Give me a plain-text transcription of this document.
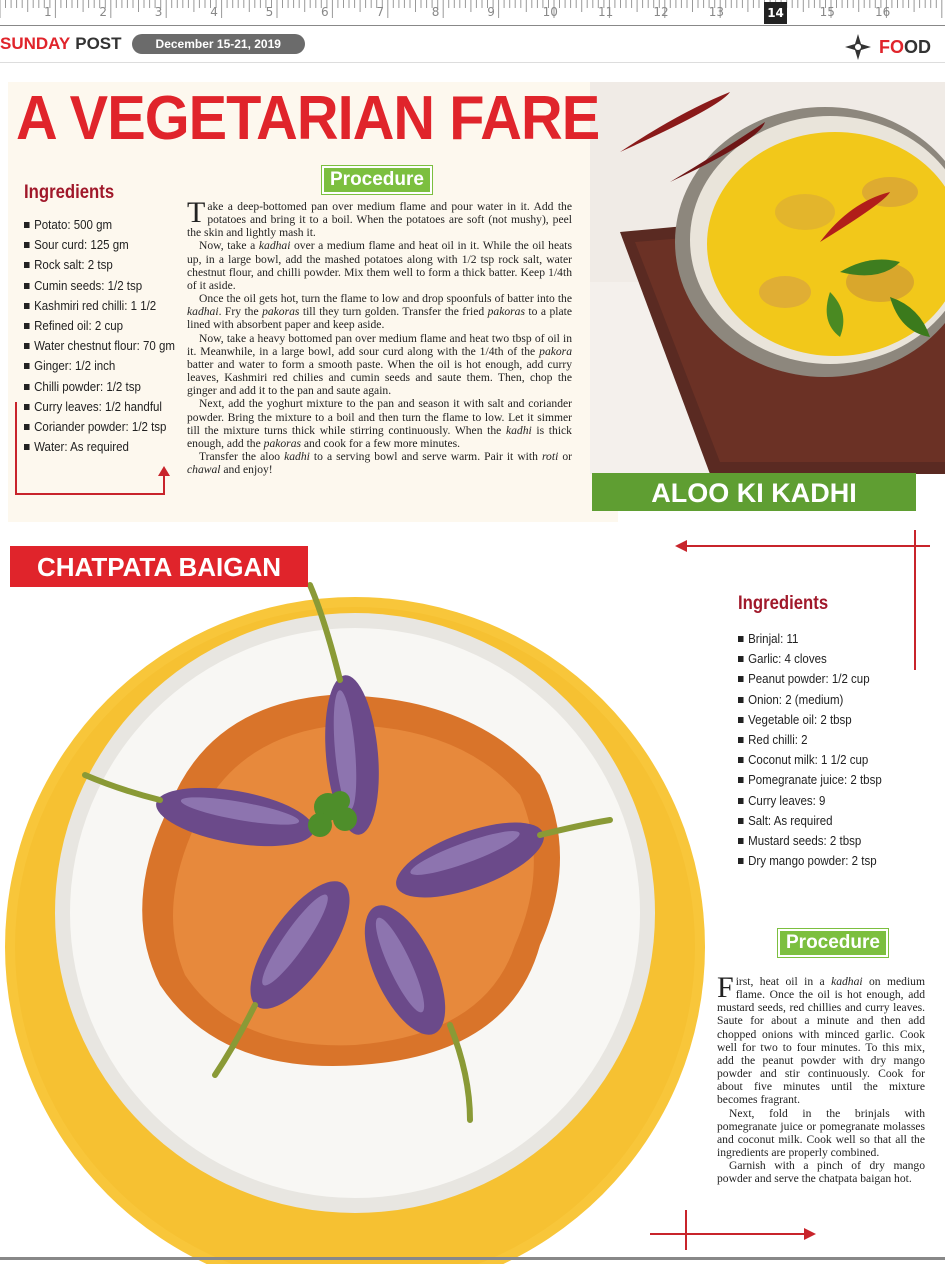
1	2	3	4	5	6	7	8	9	10	11	12	13	14	15	16
SUNDAY POST	December 15-21, 2019	FO OD
A VEGETARIAN FARE
Ingredients
Potato: 500 gm
Sour curd: 125 gm
Rock salt: 2 tsp
Cumin seeds: 1/2 tsp
Kashmiri red chilli: 1 1/2
Refined oil: 2 cup
Water chestnut flour: 70 gm
Ginger: 1/2 inch
Chilli powder: 1/2 tsp
Curry leaves: 1/2 handful
Coriander powder: 1/2 tsp
Water: As required
Procedure

Take a deep-bottomed pan over medium flame and pour water in it. Add the potatoes and bring it to a boil. When the potatoes are soft (not mushy), peel the skin and lightly mash it.

Now, take a kadhai over a medium flame and heat oil in it. While the oil heats up, in a large bowl, add the mashed potatoes along with 1/2 tsp rock salt, water chestnut flour, and chilli powder. Mix them well to form a thick batter. Keep 1/4th of it aside.

Once the oil gets hot, turn the flame to low and drop spoonfuls of batter into the kadhai. Fry the pakoras till they turn golden. Transfer the fried pakoras to a plate lined with absorbent paper and keep aside.

Now, take a heavy bottomed pan over medium flame and heat two tbsp of oil in it. Meanwhile, in a large bowl, add sour curd along with the 1/4th of the pakora batter and water to form a smooth paste. When the oil is hot enough, add curry leaves, Kashmiri red chilies and cumin seeds and saute them. Then, chop the ginger and add it to the pan and saute again.

Next, add the yoghurt mixture to the pan and season it with salt and coriander powder. Bring the mixture to a boil and then turn the flame to low. Let it simmer till the mixture turns thick while stirring continuously. When the kadhi is thick enough, add the pakoras and cook for a few more minutes.

Transfer the aloo kadhi to a serving bowl and serve warm. Pair it with roti or chawal and enjoy!

ALOO KI KADHI
CHATPATA BAIGAN
Ingredients
Brinjal: 11
Garlic: 4 cloves
Peanut powder: 1/2 cup
Onion: 2 (medium)
Vegetable oil: 2 tbsp
Red chilli: 2
Coconut milk: 1 1/2 cup
Pomegranate juice: 2 tbsp
Curry leaves: 9
Salt: As required
Mustard seeds: 2 tbsp
Dry mango powder: 2 tsp
Procedure

First, heat oil in a kadhai on medium flame. Once the oil is hot enough, add mustard seeds, red chillies and curry leaves. Saute for about a minute and then add chopped onions with minced garlic. Cook well for two to four minutes. To this mix, add the peanut powder with dry mango powder and stir continuously. Cook for about five minutes until the mixture becomes fragrant.

Next, fold in the brinjals with pomegranate juice or pomegranate molasses and coconut milk. Cook well so that all the ingredients are properly combined.

Garnish with a pinch of dry mango powder and serve the chatpata baigan hot.
